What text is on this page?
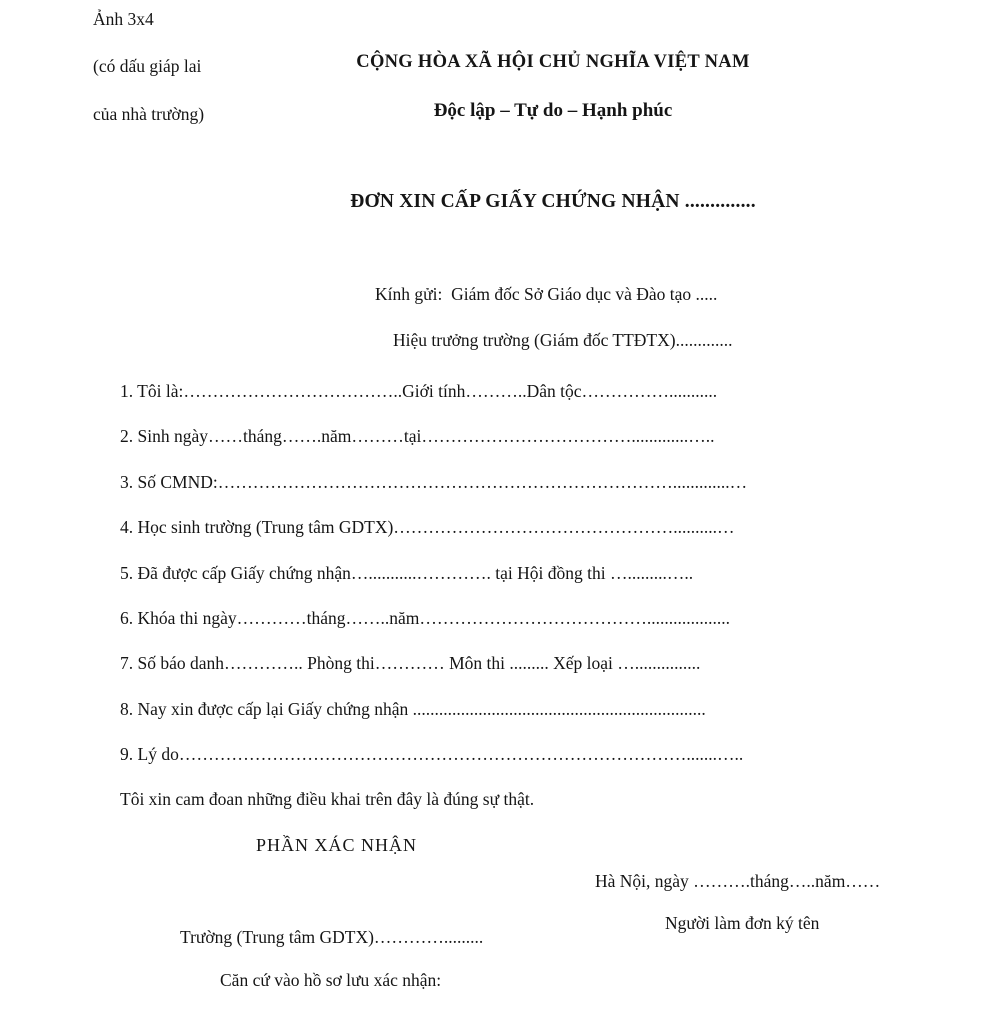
Ảnh 3x4
(có dấu giáp lai
của nhà trường)
CỘNG HÒA XÃ HỘI CHỦ NGHĨA VIỆT NAM
Độc lập – Tự do – Hạnh phúc
ĐƠN XIN CẤP GIẤY CHỨNG NHẬN ..............
Kính gửi:  Giám đốc Sở Giáo dục và Đào tạo .....
Hiệu trưởng trường (Giám đốc TTĐTX).............
1. Tôi là:………………………………..Giới tính………..Dân tộc……………...........
2. Sinh ngày……tháng…….năm………tại……………………………….............…..
3. Số CMND:…………………………………………………………………….............…
4. Học sinh trường (Trung tâm GDTX)…………………………………………..........…
5. Đã được cấp Giấy chứng nhận…...........…………. tại Hội đồng thi ….........…..
6. Khóa thi ngày…………tháng……..năm…………………………………...................
7. Số báo danh………….. Phòng thi………… Môn thi ......... Xếp loại …...............
8. Nay xin được cấp lại Giấy chứng nhận ...................................................................
9. Lý do…………………………………………………………………………….......…..
Tôi xin cam đoan những điều khai trên đây là đúng sự thật.
PHẦN XÁC NHẬN
Hà Nội, ngày ……….tháng…..năm……
Người làm đơn ký tên
Trường (Trung tâm GDTX)………….........
Căn cứ vào hồ sơ lưu xác nhận:
